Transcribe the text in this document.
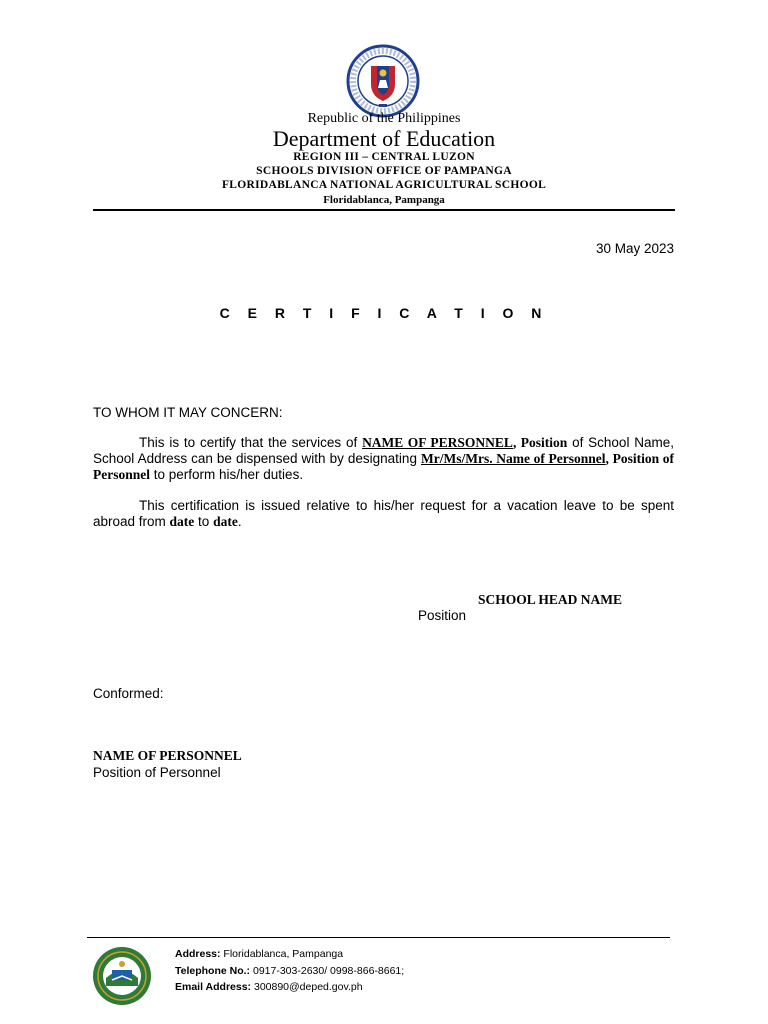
Republic of the Philippines
Department of Education
REGION III – CENTRAL LUZON
SCHOOLS DIVISION OFFICE OF PAMPANGA
FLORIDABLANCA NATIONAL AGRICULTURAL SCHOOL
Floridablanca, Pampanga
30 May 2023
C E R T I F I C A T I O N
TO WHOM IT MAY CONCERN:
This is to certify that the services of NAME OF PERSONNEL, Position of School Name, School Address can be dispensed with by designating Mr/Ms/Mrs. Name of Personnel, Position of Personnel to perform his/her duties.
This certification is issued relative to his/her request for a vacation leave to be spent abroad from date to date.
SCHOOL HEAD NAME
Position
Conformed:
NAME OF PERSONNEL
Position of Personnel
Address: Floridablanca, Pampanga
Telephone No.: 0917-303-2630/ 0998-866-8661;
Email Address: 300890@deped.gov.ph
